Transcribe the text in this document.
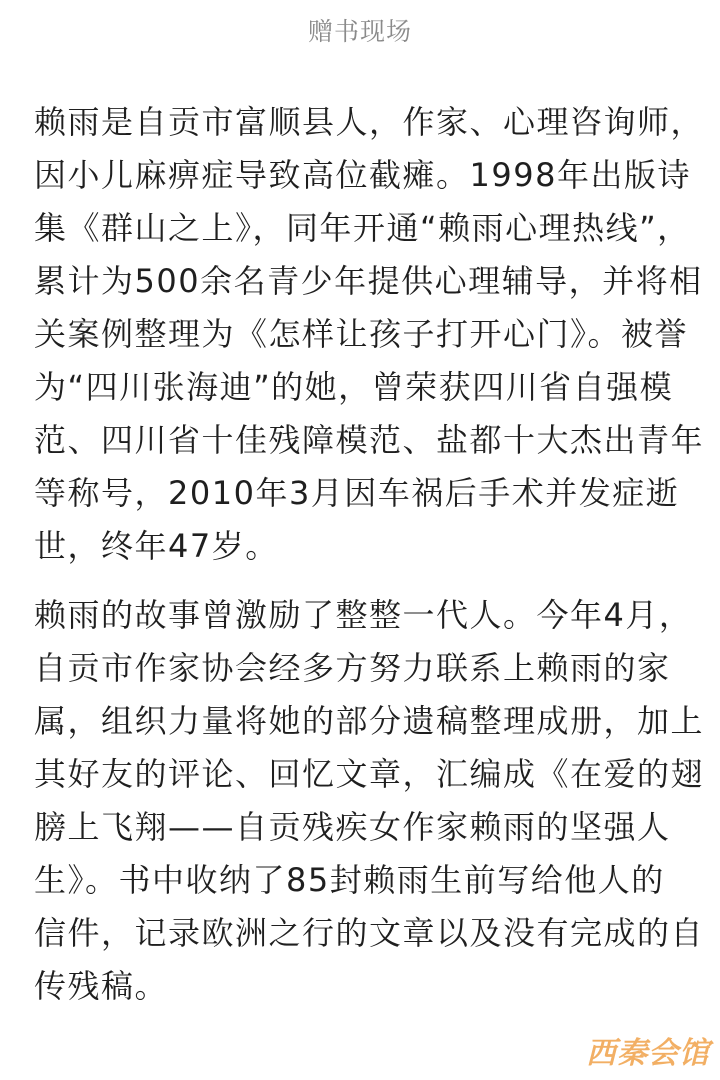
赠书现场
赖雨是自贡市富顺县人，作家、心理咨询师，
因小儿麻痹症导致高位截瘫。1998年出版诗
集《群山之上》，同年开通“赖雨心理热线”，
累计为500余名青少年提供心理辅导，并将相
关案例整理为《怎样让孩子打开心门》。被誉
为“四川张海迪”的她，曾荣获四川省自强模
范、四川省十佳残障模范、盐都十大杰出青年
等称号，2010年3月因车祸后手术并发症逝
世，终年47岁。
赖雨的故事曾激励了整整一代人。今年4月，
自贡市作家协会经多方努力联系上赖雨的家
属，组织力量将她的部分遗稿整理成册，加上
其好友的评论、回忆文章，汇编成《在爱的翅
膀上飞翔——自贡残疾女作家赖雨的坚强人
生》。书中收纳了85封赖雨生前写给他人的
信件，记录欧洲之行的文章以及没有完成的自
传残稿。
西秦会馆
